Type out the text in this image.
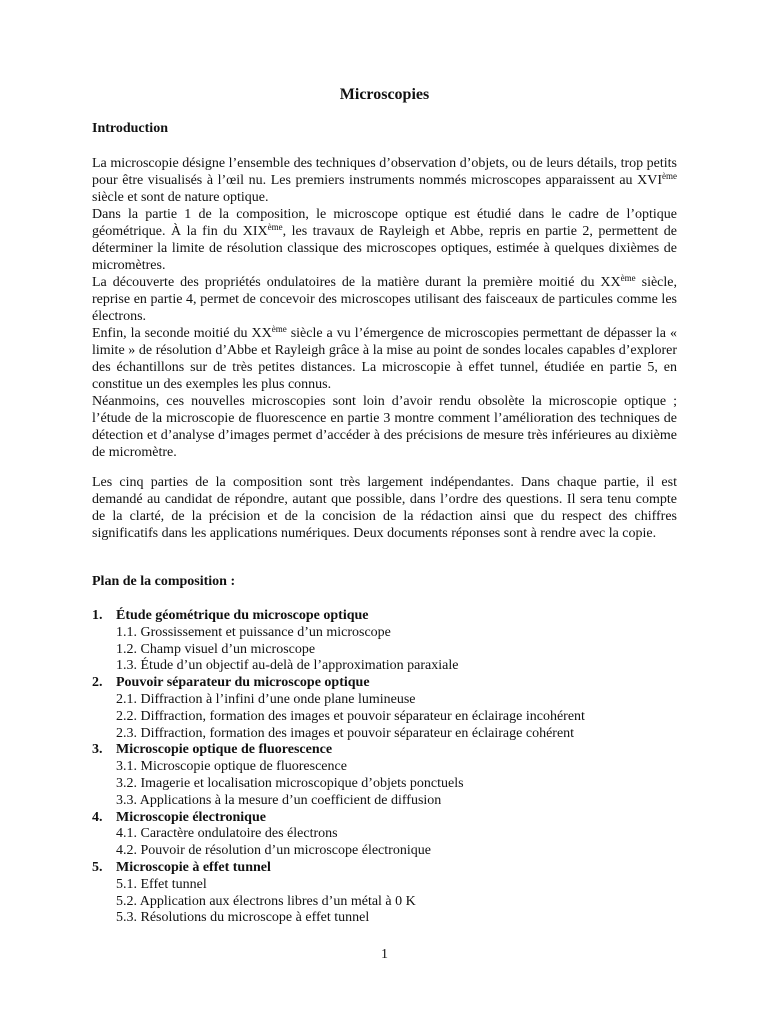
Microscopies
Introduction

La microscopie désigne l’ensemble des techniques d’observation d’objets, ou de leurs détails, trop petits pour être visualisés à l’œil nu. Les premiers instruments nommés microscopes apparaissent au XVIème siècle et sont de nature optique.

Dans la partie 1 de la composition, le microscope optique est étudié dans le cadre de l’optique géométrique. À la fin du XIXème, les travaux de Rayleigh et Abbe, repris en partie 2, permettent de déterminer la limite de résolution classique des microscopes optiques, estimée à quelques dixièmes de micromètres.

La découverte des propriétés ondulatoires de la matière durant la première moitié du XXème siècle, reprise en partie 4, permet de concevoir des microscopes utilisant des faisceaux de particules comme les électrons.

Enfin, la seconde moitié du XXème siècle a vu l’émergence de microscopies permettant de dépasser la « limite » de résolution d’Abbe et Rayleigh grâce à la mise au point de sondes locales capables d’explorer des échantillons sur de très petites distances. La microscopie à effet tunnel, étudiée en partie 5, en constitue un des exemples les plus connus.

Néanmoins, ces nouvelles microscopies sont loin d’avoir rendu obsolète la microscopie optique ; l’étude de la microscopie de fluorescence en partie 3 montre comment l’amélioration des techniques de détection et d’analyse d’images permet d’accéder à des précisions de mesure très inférieures au dixième de micromètre.

Les cinq parties de la composition sont très largement indépendantes. Dans chaque partie, il est demandé au candidat de répondre, autant que possible, dans l’ordre des questions. Il sera tenu compte de la clarté, de la précision et de la concision de la rédaction ainsi que du respect des chiffres significatifs dans les applications numériques. Deux documents réponses sont à rendre avec la copie.

Plan de la composition :
1. Étude géométrique du microscope optique
1.1. Grossissement et puissance d’un microscope
1.2. Champ visuel d’un microscope
1.3. Étude d’un objectif au-delà de l’approximation paraxiale
2. Pouvoir séparateur du microscope optique
2.1. Diffraction à l’infini d’une onde plane lumineuse
2.2. Diffraction, formation des images et pouvoir séparateur en éclairage incohérent
2.3. Diffraction, formation des images et pouvoir séparateur en éclairage cohérent
3. Microscopie optique de fluorescence
3.1. Microscopie optique de fluorescence
3.2. Imagerie et localisation microscopique d’objets ponctuels
3.3. Applications à la mesure d’un coefficient de diffusion
4. Microscopie électronique
4.1. Caractère ondulatoire des électrons
4.2. Pouvoir de résolution d’un microscope électronique
5. Microscopie à effet tunnel
5.1. Effet tunnel
5.2. Application aux électrons libres d’un métal à 0 K
5.3. Résolutions du microscope à effet tunnel
1
